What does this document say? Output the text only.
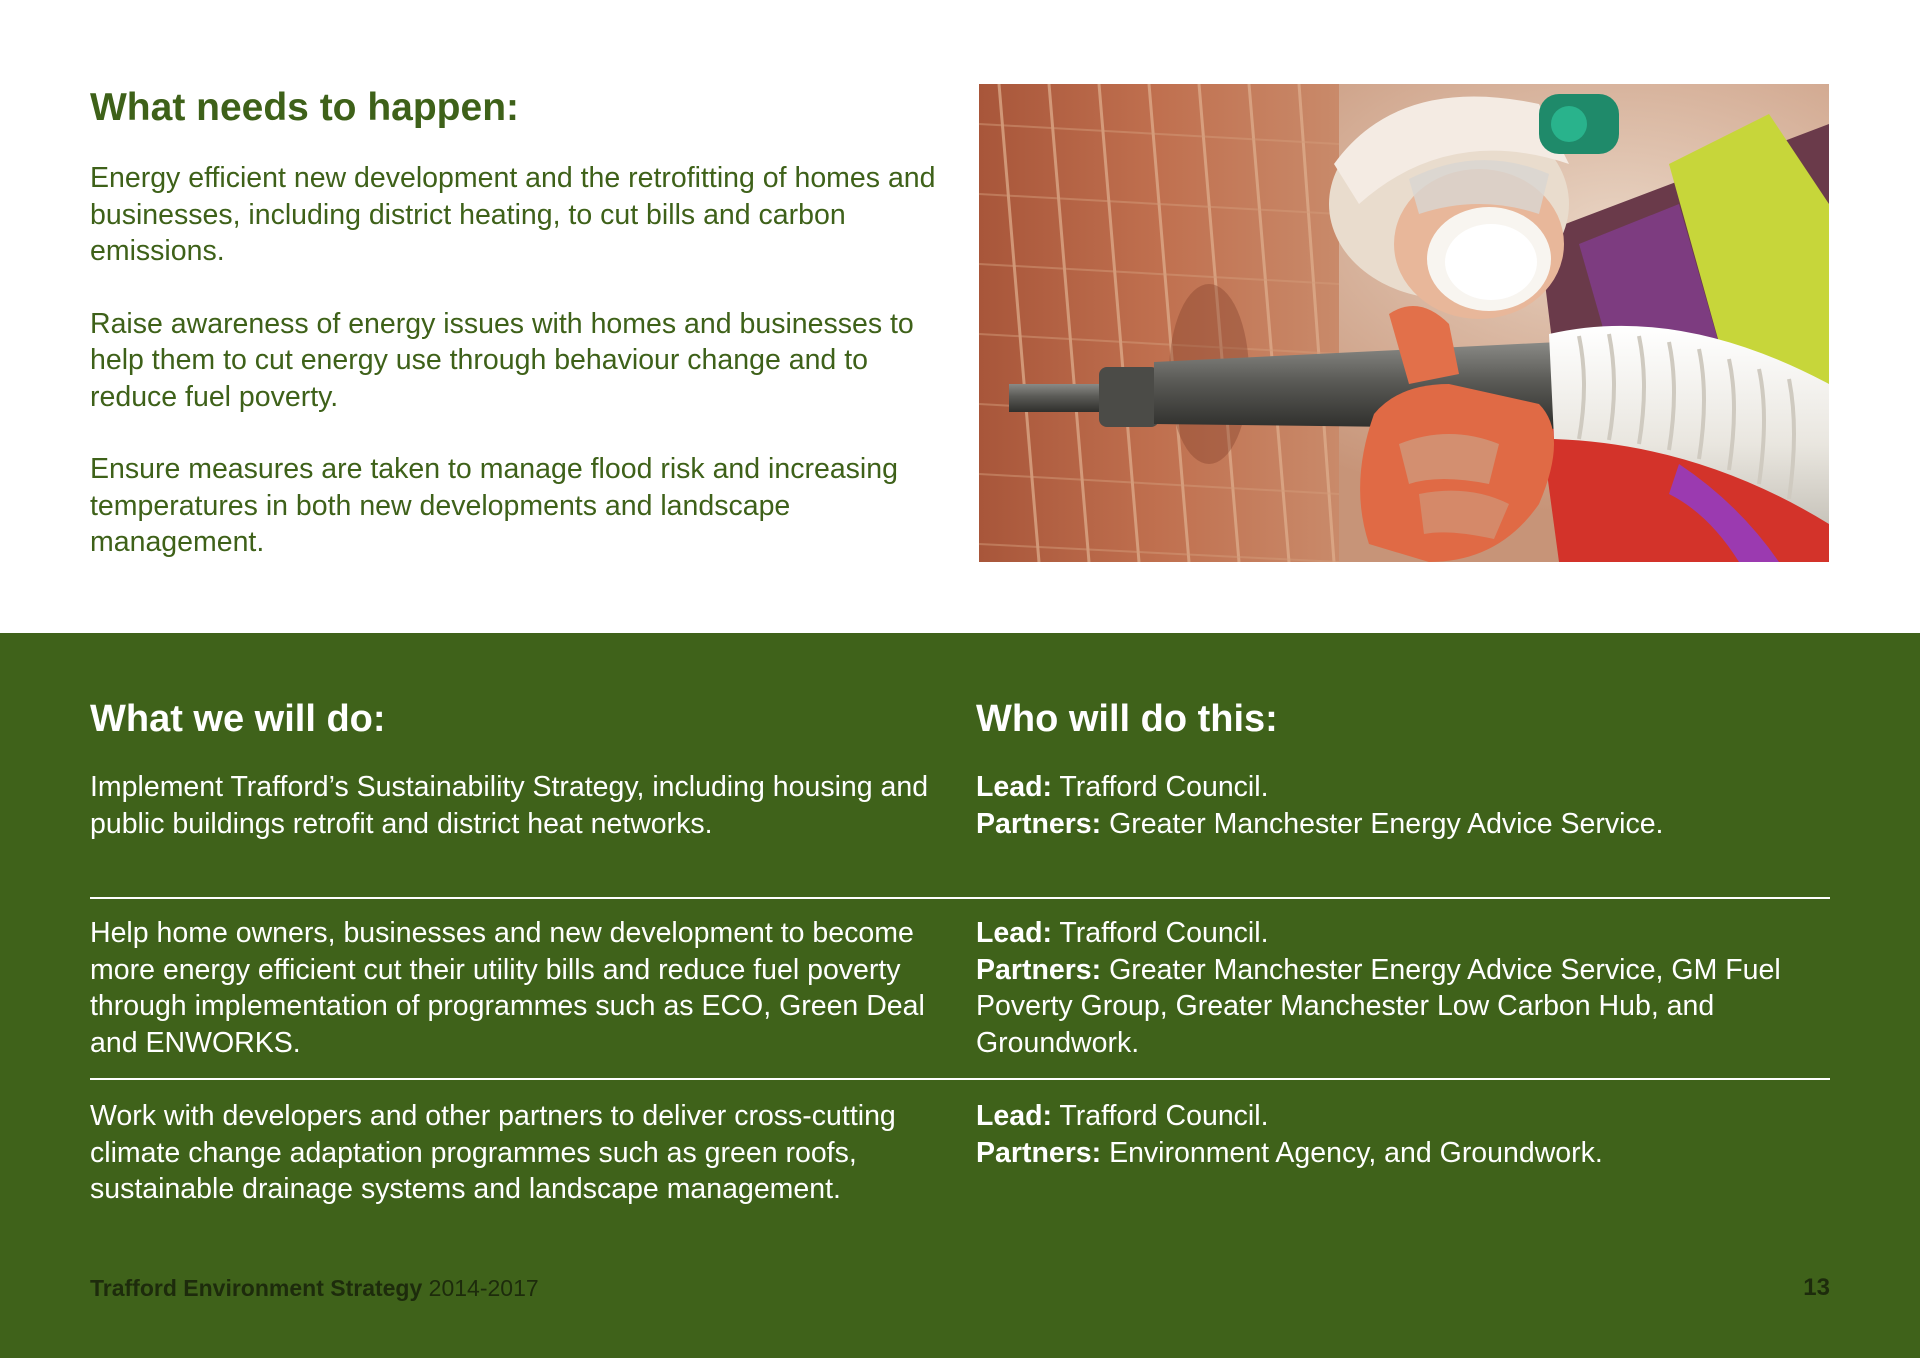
What needs to happen:

Energy efficient new development and the retrofitting of homes and businesses, including district heating, to cut bills and carbon emissions.

Raise awareness of energy issues with homes and businesses to help them to cut energy use through behaviour change and to reduce fuel poverty.

Ensure measures are taken to manage flood risk and increasing temperatures in both new developments and landscape management.

What we will do:	Who will do this:
Implement Trafford’s Sustainability Strategy, including housing and public buildings retrofit and district heat networks.
Lead: Trafford Council.
Partners: Greater Manchester Energy Advice Service.
Help home owners, businesses and new development to become more energy efficient cut their utility bills and reduce fuel poverty through implementation of programmes such as ECO, Green Deal and ENWORKS.
Lead: Trafford Council.
Partners: Greater Manchester Energy Advice Service, GM Fuel Poverty Group, Greater Manchester Low Carbon Hub, and Groundwork.
Work with developers and other partners to deliver cross-cutting climate change adaptation programmes such as green roofs, sustainable drainage systems and landscape management.
Lead: Trafford Council.
Partners: Environment Agency, and Groundwork.
Trafford Environment Strategy 2014-2017	13
